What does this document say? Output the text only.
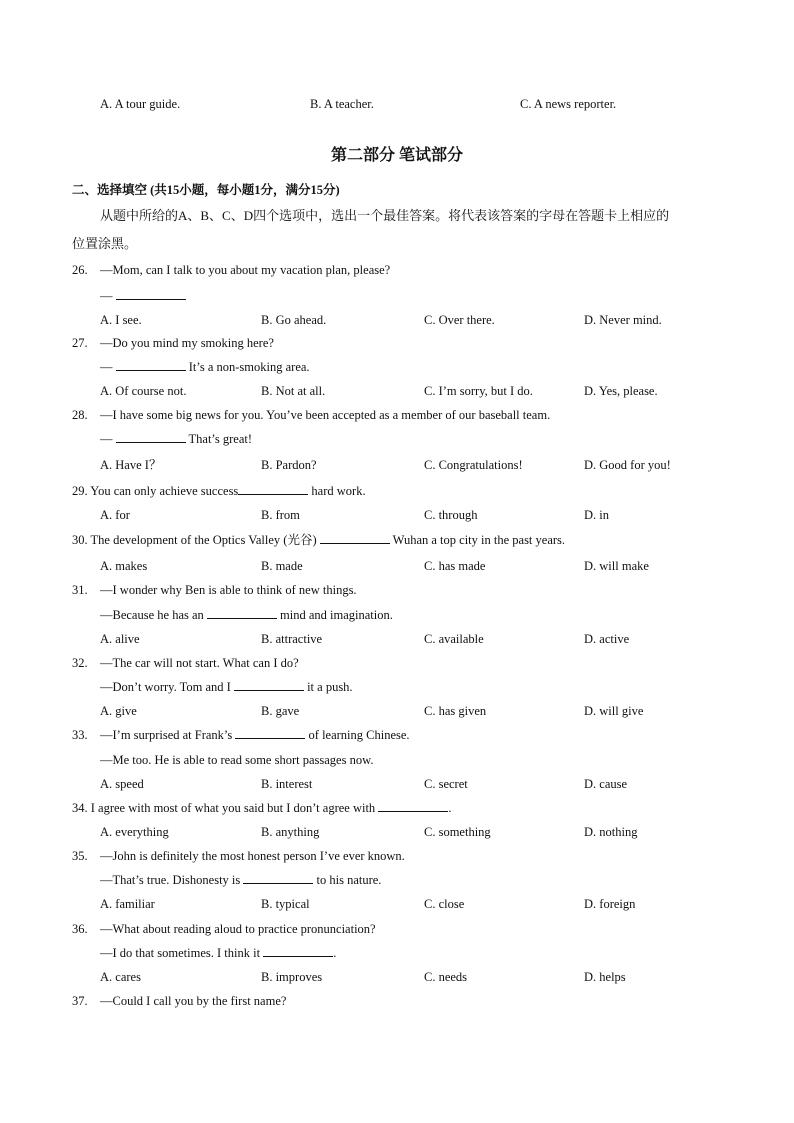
A. A tour guide.	B. A teacher.	C. A news reporter.
第二部分 笔试部分
二、选择填空 (共15小题，每小题1分，满分15分)
从题中所给的A、B、C、D四个选项中，选出一个最佳答案。将代表该答案的字母在答题卡上相应的
位置涂黑。
26. —Mom, can I talk to you about my vacation plan, please?
—
A. I see.	B. Go ahead.	C. Over there.	D. Never mind.
27. —Do you mind my smoking here?
—	It’s a non-smoking area.
A. Of course not.	B. Not at all.	C. I’m sorry, but I do.	D. Yes, please.
28. —I have some big news for you. You’ve been accepted as a member of our baseball team.
—	That’s great!
A. Have I？	B. Pardon?	C. Congratulations!	D. Good for you!
29. You can only achieve success	hard work.
A. for	B. from	C. through	D. in
30. The development of the Optics Valley (光谷)	Wuhan a top city in the past years.
A. makes	B. made	C. has made	D. will make
31. —I wonder why Ben is able to think of new things.
—Because he has an	mind and imagination.
A. alive	B. attractive	C. available	D. active
32. —The car will not start. What can I do?
—Don’t worry. Tom and I	it a push.
A. give	B. gave	C. has given	D. will give
33. —I’m surprised at Frank’s	of learning Chinese.
—Me too. He is able to read some short passages now.
A. speed	B. interest	C. secret	D. cause
34. I agree with most of what you said but I don’t agree with	.
A. everything	B. anything	C. something	D. nothing
35. —John is definitely the most honest person I’ve ever known.
—That’s true. Dishonesty is	to his nature.
A. familiar	B. typical	C. close	D. foreign
36. —What about reading aloud to practice pronunciation?
—I do that sometimes. I think it	.
A. cares	B. improves	C. needs	D. helps
37. —Could I call you by the first name?
